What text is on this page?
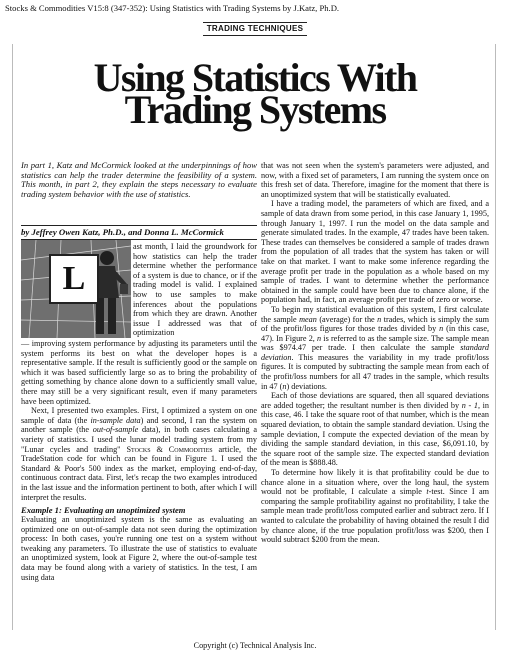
Stocks & Commodities V15:8 (347-352): Using Statistics with Trading Systems by J.Katz, Ph.D.
TRADING TECHNIQUES
Using Statistics With
Trading Systems
In part 1, Katz and McCormick looked at the underpinnings of how statistics can help the trader determine the feasibility of a system. This month, in part 2, they explain the steps necessary to evaluate trading system behavior with the use of statistics.
by Jeffrey Owen Katz, Ph.D., and Donna L. McCormick
L

ast month, I laid the groundwork for how statistics can help the trader determine whether the performance of a system is due to chance, or if the trading model is valid. I explained how to use samples to make inferences about the populations from which they are drawn. Another issue I addressed was that of optimization

— improving system performance by adjusting its parameters until the system performs its best on what the developer hopes is a representative sample. If the result is sufficiently good or the sample on which it was based sufficiently large so as to bring the probability of getting something by chance alone down to a sufficiently small value, there may still be a very significant result, even if many parameters have been optimized.

Next, I presented two examples. First, I optimized a system on one sample of data (the in-sample data) and second, I ran the system on another sample (the out-of-sample data), in both cases calculating a variety of statistics. I used the lunar model trading system from my "Lunar cycles and trading" Stocks & Commodities article, the TradeStation code for which can be found in Figure 1. I used the Standard & Poor's 500 index as the market, employing end-of-day, continuous contract data. First, let's recap the two examples introduced in the last issue and the information pertinent to both, after which I will interpret the results.

Example 1: Evaluating an unoptimized system

Evaluating an unoptimized system is the same as evaluating an optimized one on out-of-sample data not seen during the optimization process: In both cases, you're running one test on a system without tweaking any parameters. To illustrate the use of statistics to evaluate an unoptimized system, look at Figure 2, where the out-of-sample test data may be found along with a variety of statistics. In the test, I am using data

that was not seen when the system's parameters were adjusted, and now, with a fixed set of parameters, I am running the system once on this fresh set of data. Therefore, imagine for the moment that there is an unoptimized system that will be statistically evaluated.

I have a trading model, the parameters of which are fixed, and a sample of data drawn from some period, in this case January 1, 1995, through January 1, 1997. I run the model on the data sample and generate simulated trades. In the example, 47 trades have been taken. These trades can themselves be considered a sample of trades drawn from the population of all trades that the system has taken or will take on that market. I want to make some inference regarding the average profit per trade in the population as a whole based on my sample of trades. I want to determine whether the performance obtained in the sample could have been due to chance alone, if the population had, in fact, an average profit per trade of zero or worse.

To begin my statistical evaluation of this system, I first calculate the sample mean (average) for the n trades, which is simply the sum of the profit/loss figures for those trades divided by n (in this case, 47). In Figure 2, n is referred to as the sample size. The sample mean was $974.47 per trade. I then calculate the sample standard deviation. This measures the variability in my trade profit/loss figures. It is computed by subtracting the sample mean from each of the profit/loss numbers for all 47 trades in the sample, which results in 47 (n) deviations.

Each of those deviations are squared, then all squared deviations are added together; the resultant number is then divided by n - 1, in this case, 46. I take the square root of that number, which is the mean squared deviation, to obtain the sample standard deviation. Using the sample deviation, I compute the expected deviation of the mean by dividing the sample standard deviation, in this case, $6,091.10, by the square root of the sample size. The expected standard deviation of the mean is $888.48.

To determine how likely it is that profitability could be due to chance alone in a situation where, over the long haul, the system would not be profitable, I calculate a simple t-test. Since I am comparing the sample profitability against no profitability, I take the sample mean trade profit/loss computed earlier and subtract zero. If I wanted to calculate the probability of having obtained the result I did by chance alone, if the true population profit/loss was $200, then I would subtract $200 from the mean.

Copyright (c) Technical Analysis Inc.
